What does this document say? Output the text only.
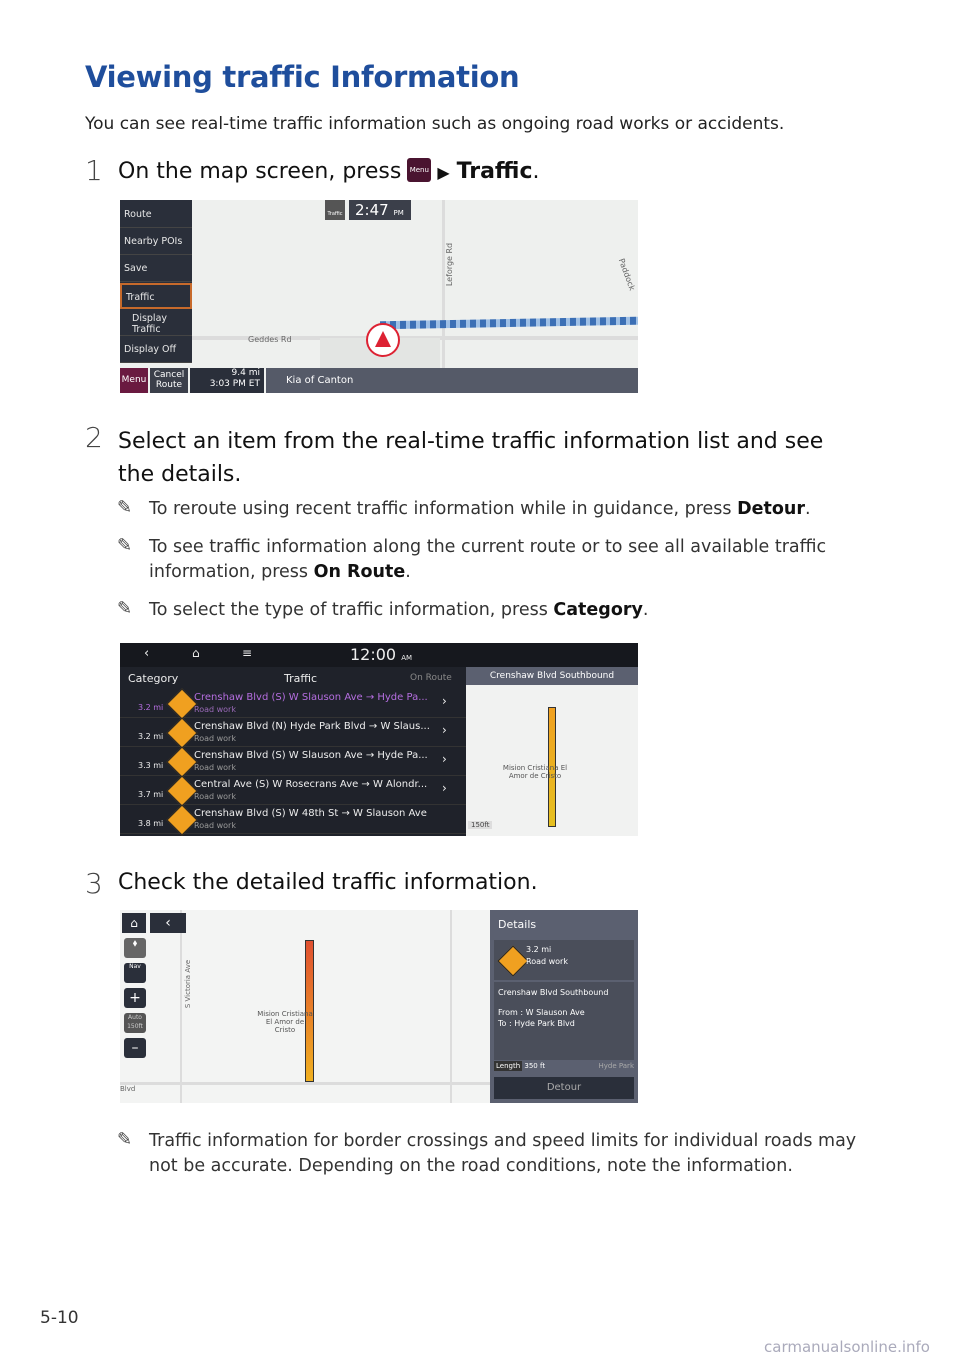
Viewing traffic Information
You can see real-time traffic information such as ongoing road works or accidents.
1 On the map screen, press Menu ▶ Traffic.
Geddes Rd
Leforge Rd	Paddock
Traffic 2:47 PM
Route
Nearby POIs
Save
Traffic
Display Traffic
Display Off
Menu Cancel Route
9.4 mi
3:03 PM ET	Kia of Canton
2 Select an item from the real-time traffic information list and see the details.
✎ To reroute using recent traffic information while in guidance, press Detour.
✎ To see traffic information along the current route or to see all available traffic information, press On Route.
✎ To select the type of traffic information, press Category.
‹	⌂	≡	12:00 AM
Category	Traffic	On Route
3.2 mi
Crenshaw Blvd (S) W Slauson Ave → Hyde Pa...
Road work
›
3.2 mi
Crenshaw Blvd (N) Hyde Park Blvd → W Slaus...
Road work
›
3.3 mi
Crenshaw Blvd (S) W Slauson Ave → Hyde Pa...
Road work
›
3.7 mi
Central Ave (S) W Rosecrans Ave → W Alondr...
Road work
›
3.8 mi
Crenshaw Blvd (S) W 48th St → W Slauson Ave
Road work
Crenshaw Blvd Southbound
Mision Cristiana El Amor de Cristo
150ft
3 Check the detailed traffic information.
Mision Cristiana El Amor de Cristo
S Victoria Ave
Blvd
⌂	‹
⬧
Nav
+
Auto
150ft
–
Details
3.2 mi
Road work
Crenshaw Blvd Southbound
From : W Slauson Ave
To : Hyde Park Blvd
Length 350 ft	Hyde Park
Detour
✎ Traffic information for border crossings and speed limits for individual roads may not be accurate. Depending on the road conditions, note the information.
5-10
carmanualsonline.info
